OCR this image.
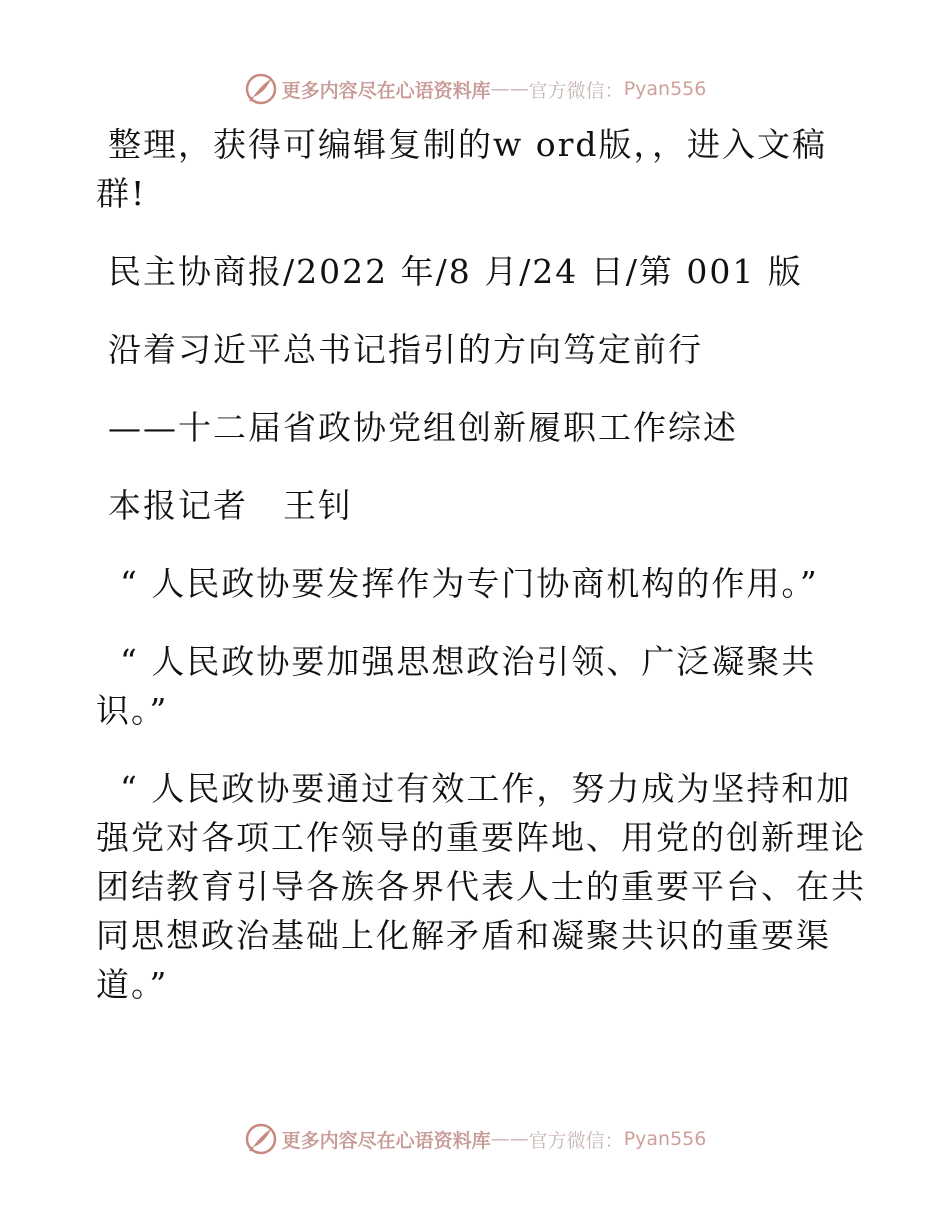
更多内容尽在心语资料库 —— 官方微信： Pyan556

整理，获得可编辑复制的w ord版，，进入文稿

群!

民主协商报/2022 年/8 月/24 日/第 001 版

沿着习近平总书记指引的方向笃定前行

——十二届省政协党组创新履职工作综述

本报记者　王钊

“ 人民政协要发挥作为专门协商机构的作用。”

“ 人民政协要加强思想政治引领、广泛凝聚共

识。”

“ 人民政协要通过有效工作，努力成为坚持和加

强党对各项工作领导的重要阵地、用党的创新理论

团结教育引导各族各界代表人士的重要平台、在共

同思想政治基础上化解矛盾和凝聚共识的重要渠

道。”

更多内容尽在心语资料库 —— 官方微信： Pyan556
